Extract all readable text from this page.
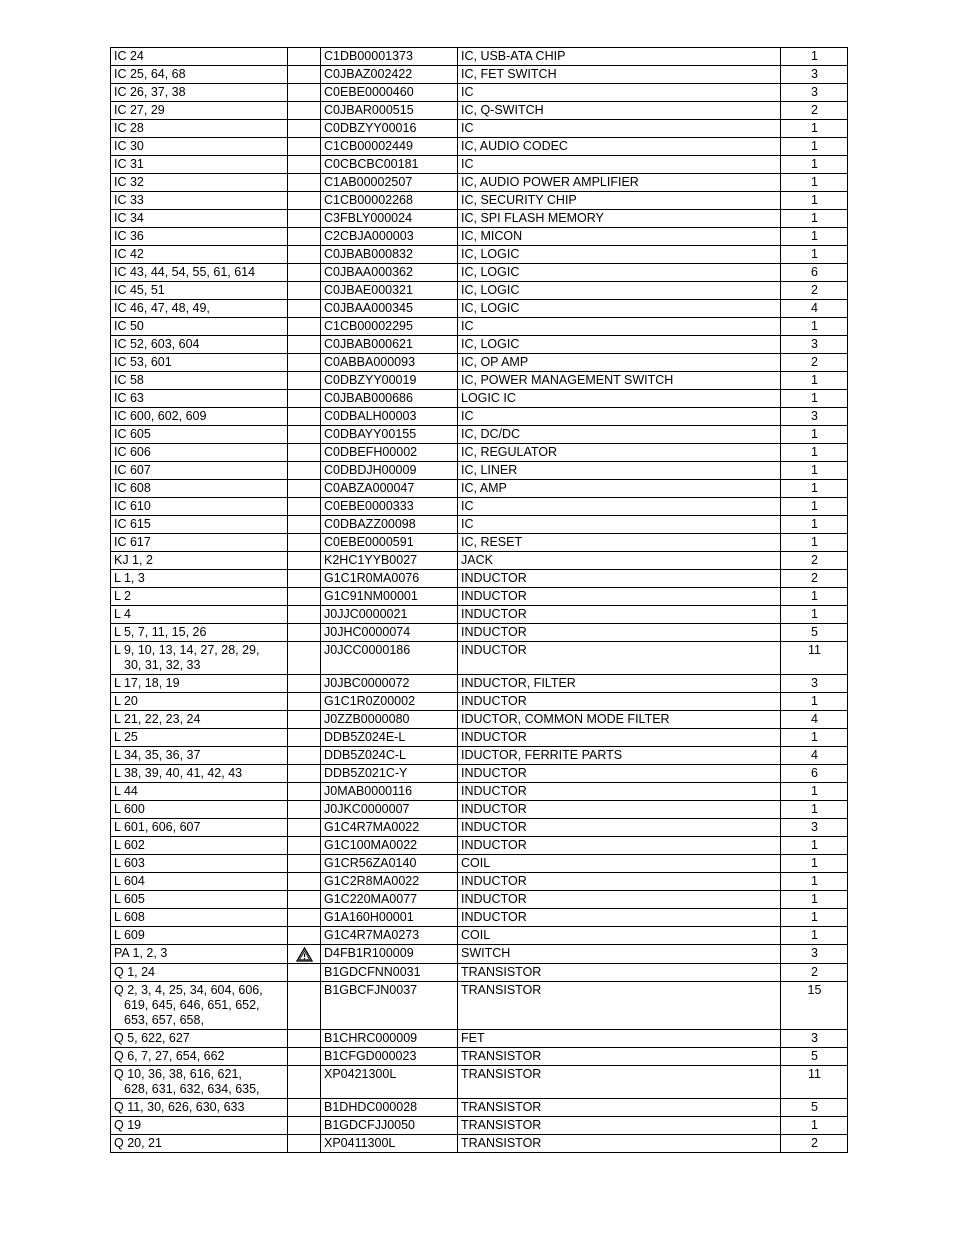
IC 24		C1DB00001373	IC, USB-ATA CHIP	1
IC 25, 64, 68		C0JBAZ002422	IC, FET SWITCH	3
IC 26, 37, 38		C0EBE0000460	IC	3
IC 27, 29		C0JBAR000515	IC, Q-SWITCH	2
IC 28		C0DBZYY00016	IC	1
IC 30		C1CB00002449	IC, AUDIO CODEC	1
IC 31		C0CBCBC00181	IC	1
IC 32		C1AB00002507	IC, AUDIO POWER AMPLIFIER	1
IC 33		C1CB00002268	IC, SECURITY CHIP	1
IC 34		C3FBLY000024	IC, SPI FLASH MEMORY	1
IC 36		C2CBJA000003	IC, MICON	1
IC 42		C0JBAB000832	IC, LOGIC	1
IC 43, 44, 54, 55, 61, 614		C0JBAA000362	IC, LOGIC	6
IC 45, 51		C0JBAE000321	IC, LOGIC	2
IC 46, 47, 48, 49,		C0JBAA000345	IC, LOGIC	4
IC 50		C1CB00002295	IC	1
IC 52, 603, 604		C0JBAB000621	IC, LOGIC	3
IC 53, 601		C0ABBA000093	IC, OP AMP	2
IC 58		C0DBZYY00019	IC, POWER MANAGEMENT SWITCH	1
IC 63		C0JBAB000686	LOGIC IC	1
IC 600, 602, 609		C0DBALH00003	IC	3
IC 605		C0DBAYY00155	IC, DC/DC	1
IC 606		C0DBEFH00002	IC, REGULATOR	1
IC 607		C0DBDJH00009	IC, LINER	1
IC 608		C0ABZA000047	IC, AMP	1
IC 610		C0EBE0000333	IC	1
IC 615		C0DBAZZ00098	IC	1
IC 617		C0EBE0000591	IC, RESET	1
KJ 1, 2		K2HC1YYB0027	JACK	2
L 1, 3		G1C1R0MA0076	INDUCTOR	2
L 2		G1C91NM00001	INDUCTOR	1
L 4		J0JJC0000021	INDUCTOR	1
L 5, 7, 11, 15, 26		J0JHC0000074	INDUCTOR	5
L 9, 10, 13, 14, 27, 28, 29,
30, 31, 32, 33		J0JCC0000186	INDUCTOR	11
L 17, 18, 19		J0JBC0000072	INDUCTOR, FILTER	3
L 20		G1C1R0Z00002	INDUCTOR	1
L 21, 22, 23, 24		J0ZZB0000080	IDUCTOR, COMMON MODE FILTER	4
L 25		DDB5Z024E-L	INDUCTOR	1
L 34, 35, 36, 37		DDB5Z024C-L	IDUCTOR, FERRITE PARTS	4
L 38, 39, 40, 41, 42, 43		DDB5Z021C-Y	INDUCTOR	6
L 44		J0MAB0000116	INDUCTOR	1
L 600		J0JKC0000007	INDUCTOR	1
L 601, 606, 607		G1C4R7MA0022	INDUCTOR	3
L 602		G1C100MA0022	INDUCTOR	1
L 603		G1CR56ZA0140	COIL	1
L 604		G1C2R8MA0022	INDUCTOR	1
L 605		G1C220MA0077	INDUCTOR	1
L 608		G1A160H00001	INDUCTOR	1
L 609		G1C4R7MA0273	COIL	1
PA 1, 2, 3		D4FB1R100009	SWITCH	3
Q 1, 24		B1GDCFNN0031	TRANSISTOR	2
Q 2, 3, 4, 25, 34, 604, 606,
619, 645, 646, 651, 652,
653, 657, 658,		B1GBCFJN0037	TRANSISTOR	15
Q 5, 622, 627		B1CHRC000009	FET	3
Q 6, 7, 27, 654, 662		B1CFGD000023	TRANSISTOR	5
Q 10, 36, 38, 616, 621,
628, 631, 632, 634, 635,		XP0421300L	TRANSISTOR	11
Q 11, 30, 626, 630, 633		B1DHDC000028	TRANSISTOR	5
Q 19		B1GDCFJJ0050	TRANSISTOR	1
Q 20, 21		XP0411300L	TRANSISTOR	2
